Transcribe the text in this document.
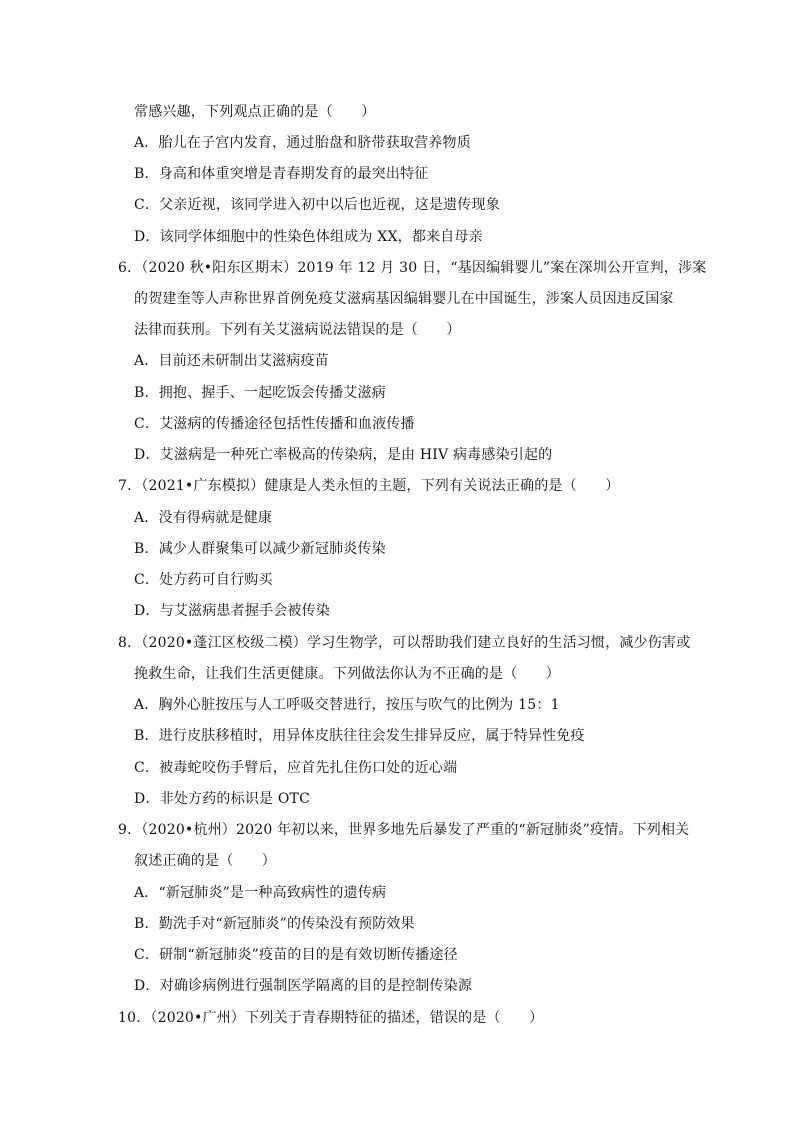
常感兴趣，下列观点正确的是（　　）
A．胎儿在子宫内发育，通过胎盘和脐带获取营养物质
B．身高和体重突增是青春期发育的最突出特征
C．父亲近视，该同学进入初中以后也近视，这是遗传现象
D．该同学体细胞中的性染色体组成为 XX，都来自母亲
6．（2020 秋•阳东区期末）2019 年 12 月 30 日，“基因编辑婴儿”案在深圳公开宣判，涉案
的贺建奎等人声称世界首例免疫艾滋病基因编辑婴儿在中国诞生，涉案人员因违反国家
法律而获刑。下列有关艾滋病说法错误的是（　　）
A．目前还未研制出艾滋病疫苗
B．拥抱、握手、一起吃饭会传播艾滋病
C．艾滋病的传播途径包括性传播和血液传播
D．艾滋病是一种死亡率极高的传染病，是由 HIV 病毒感染引起的
7．（2021•广东模拟）健康是人类永恒的主题，下列有关说法正确的是（　　）
A．没有得病就是健康
B．减少人群聚集可以减少新冠肺炎传染
C．处方药可自行购买
D．与艾滋病患者握手会被传染
8．（2020•蓬江区校级二模）学习生物学，可以帮助我们建立良好的生活习惯，减少伤害或
挽救生命，让我们生活更健康。下列做法你认为不正确的是（　　）
A．胸外心脏按压与人工呼吸交替进行，按压与吹气的比例为 15：1
B．进行皮肤移植时，用异体皮肤往往会发生排异反应，属于特异性免疫
C．被毒蛇咬伤手臂后，应首先扎住伤口处的近心端
D．非处方药的标识是 OTC
9．（2020•杭州）2020 年初以来，世界多地先后暴发了严重的“新冠肺炎”疫情。下列相关
叙述正确的是（　　）
A．“新冠肺炎”是一种高致病性的遗传病
B．勤洗手对“新冠肺炎”的传染没有预防效果
C．研制“新冠肺炎”疫苗的目的是有效切断传播途径
D．对确诊病例进行强制医学隔离的目的是控制传染源
10．（2020•广州）下列关于青春期特征的描述，错误的是（　　）
